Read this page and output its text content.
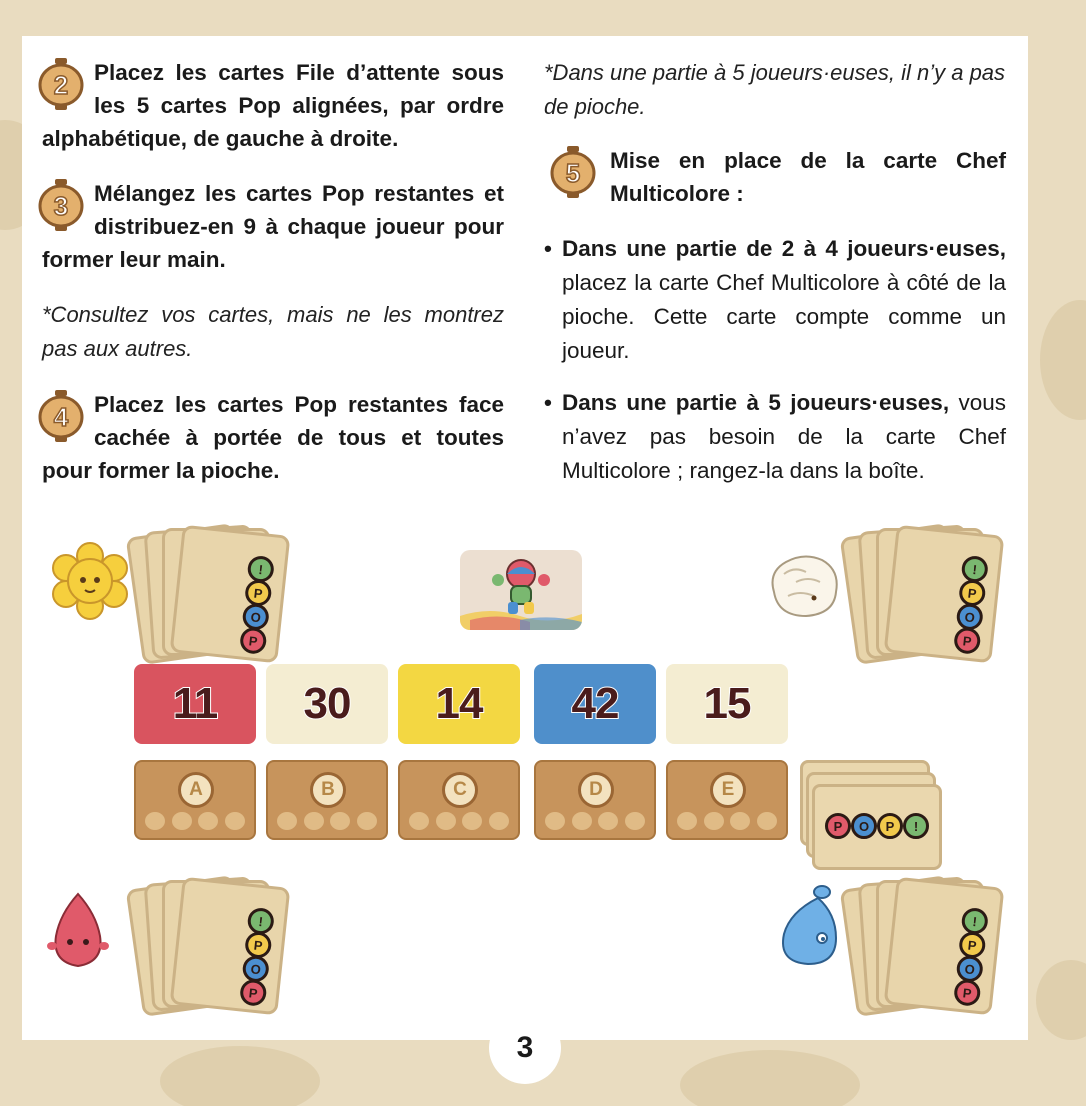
2 Placez les cartes File d’attente sous les 5 cartes Pop alignées, par ordre alphabétique, de gauche à droite.
3 Mélangez les cartes Pop restantes et distribuez-en 9 à chaque joueur pour former leur main.

*Consultez vos cartes, mais ne les montrez pas aux autres.

4 Placez les cartes Pop restantes face cachée à portée de tous et toutes pour former la pioche.

*Dans une partie à 5 joueurs·euses, il n’y a pas de pioche.

5 Mise en place de la carte Chef Multicolore :
• Dans une partie de 2 à 4 joueurs·euses, placez la carte Chef Multicolore à côté de la pioche. Cette carte compte comme un joueur.
• Dans une partie à 5 joueurs·euses, vous n’avez pas besoin de la carte Chef Multicolore ; rangez-la dans la boîte.
!
P
O
P
!
P
O
P
11 30 14 42 15
A	B	C	D	E
P	O	P	!
!
P
O
P
!
P
O
P
3
